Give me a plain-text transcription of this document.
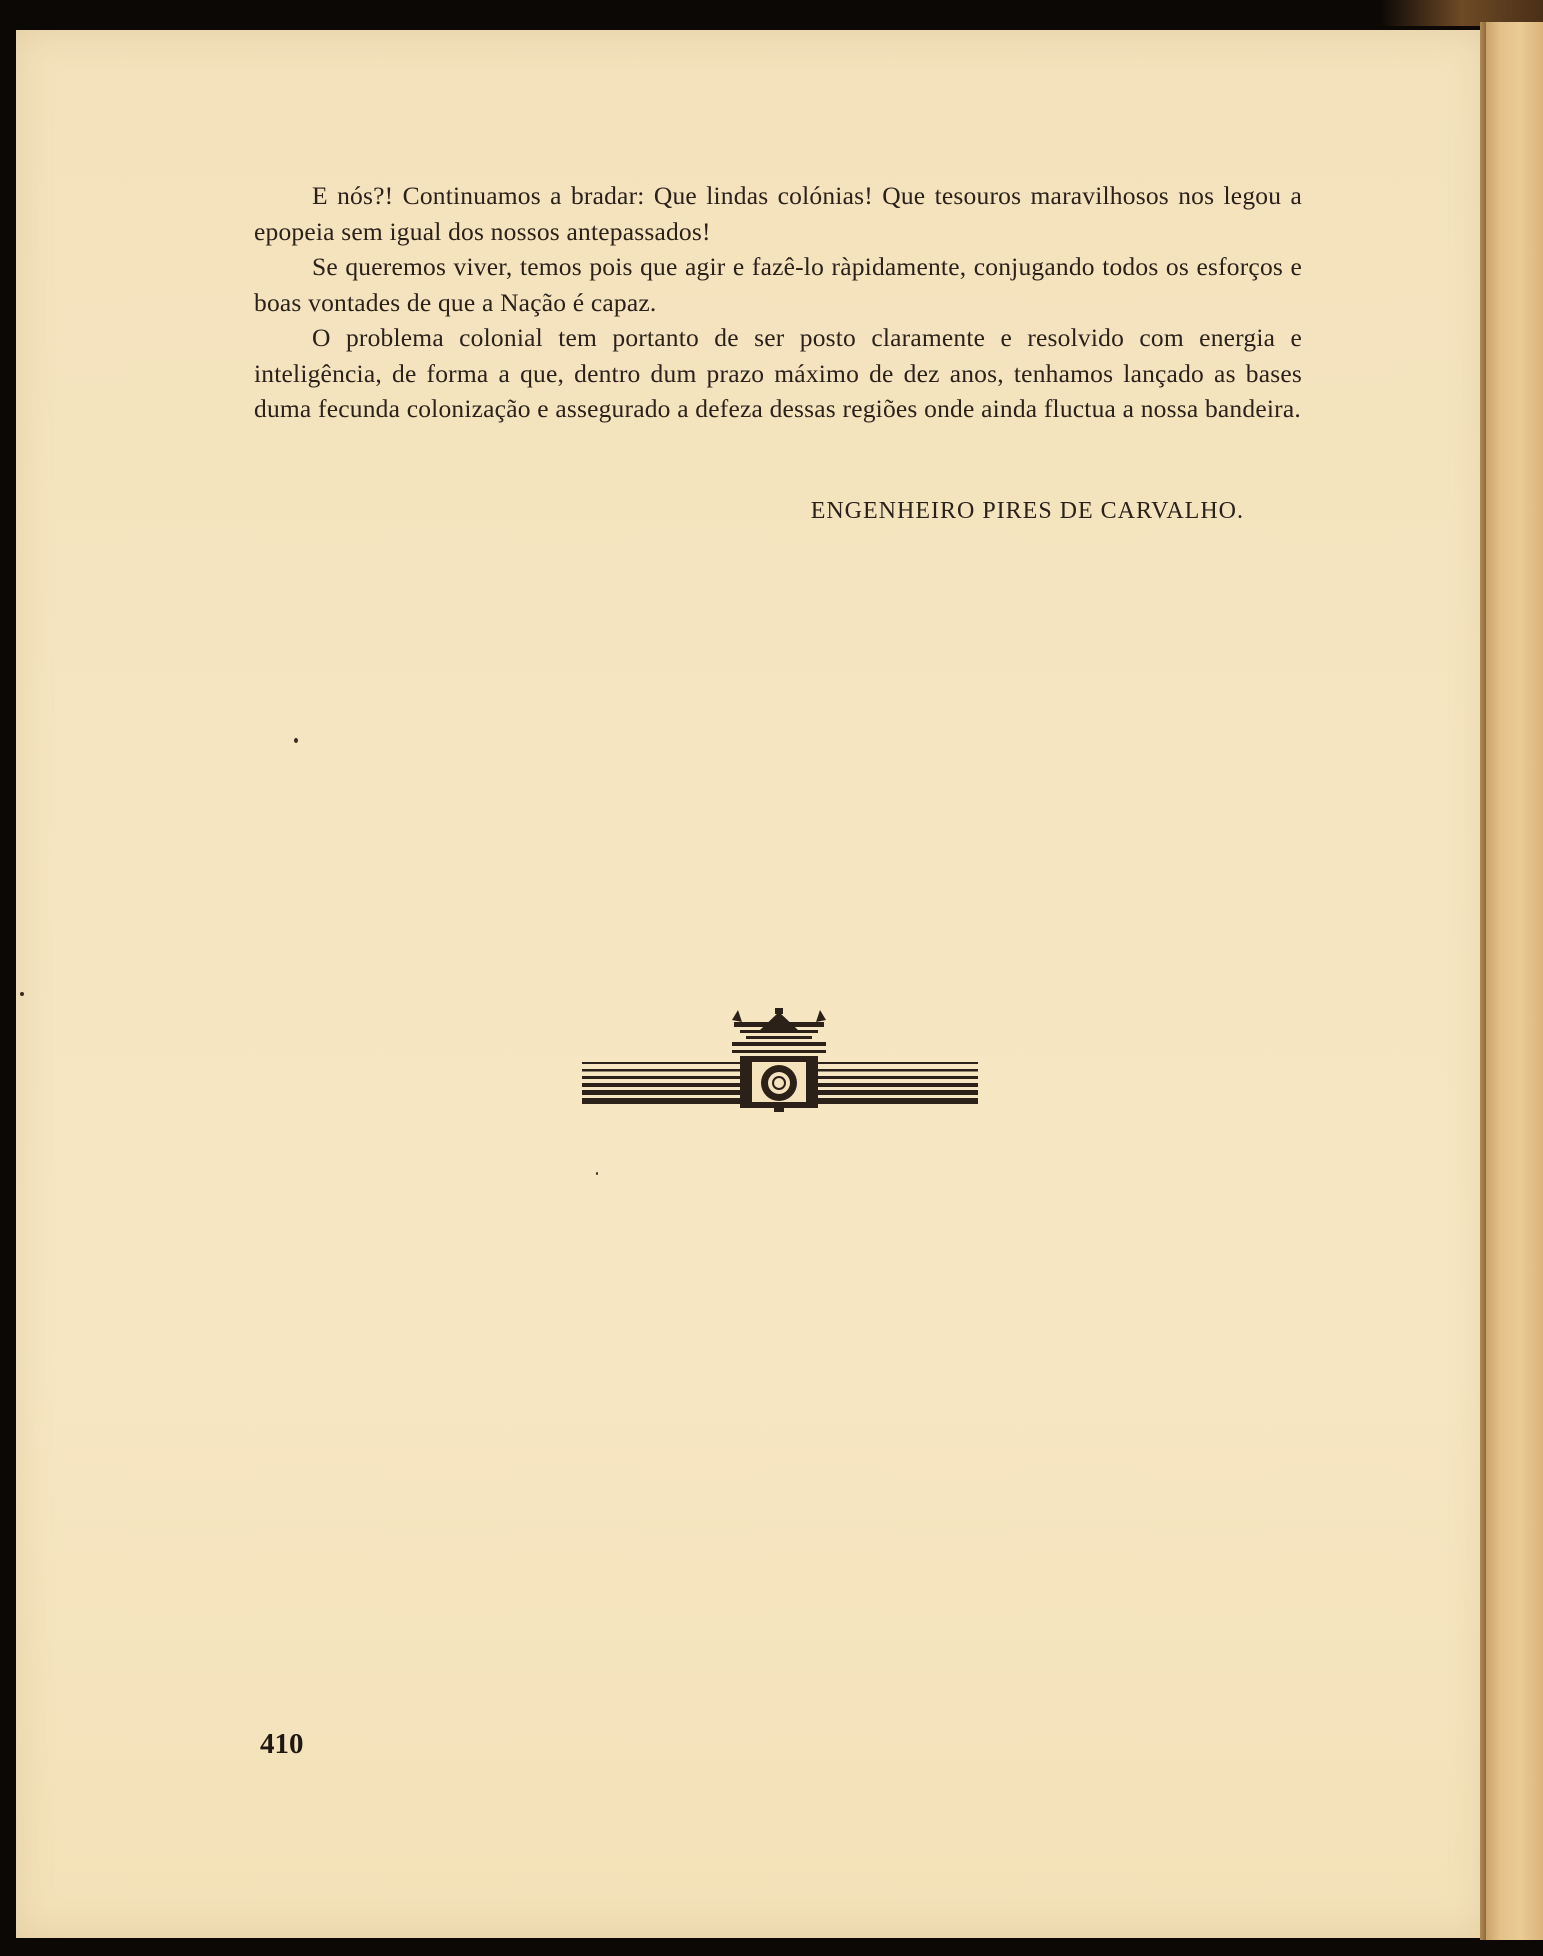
E nós?! Continuamos a bradar: Que lindas colónias! Que tesouros maravilhosos nos legou a epopeia sem igual dos nossos antepassados!

Se queremos viver, temos pois que agir e fazê-lo ràpidamente, conjugando todos os esforços e boas vontades de que a Nação é capaz.

O problema colonial tem portanto de ser posto claramente e resolvido com energia e inteligência, de forma a que, dentro dum prazo máximo de dez anos, tenhamos lançado as bases duma fecunda colonização e assegurado a defeza dessas regiões onde ainda fluctua a nossa bandeira.

ENGENHEIRO PIRES DE CARVALHO.
410
